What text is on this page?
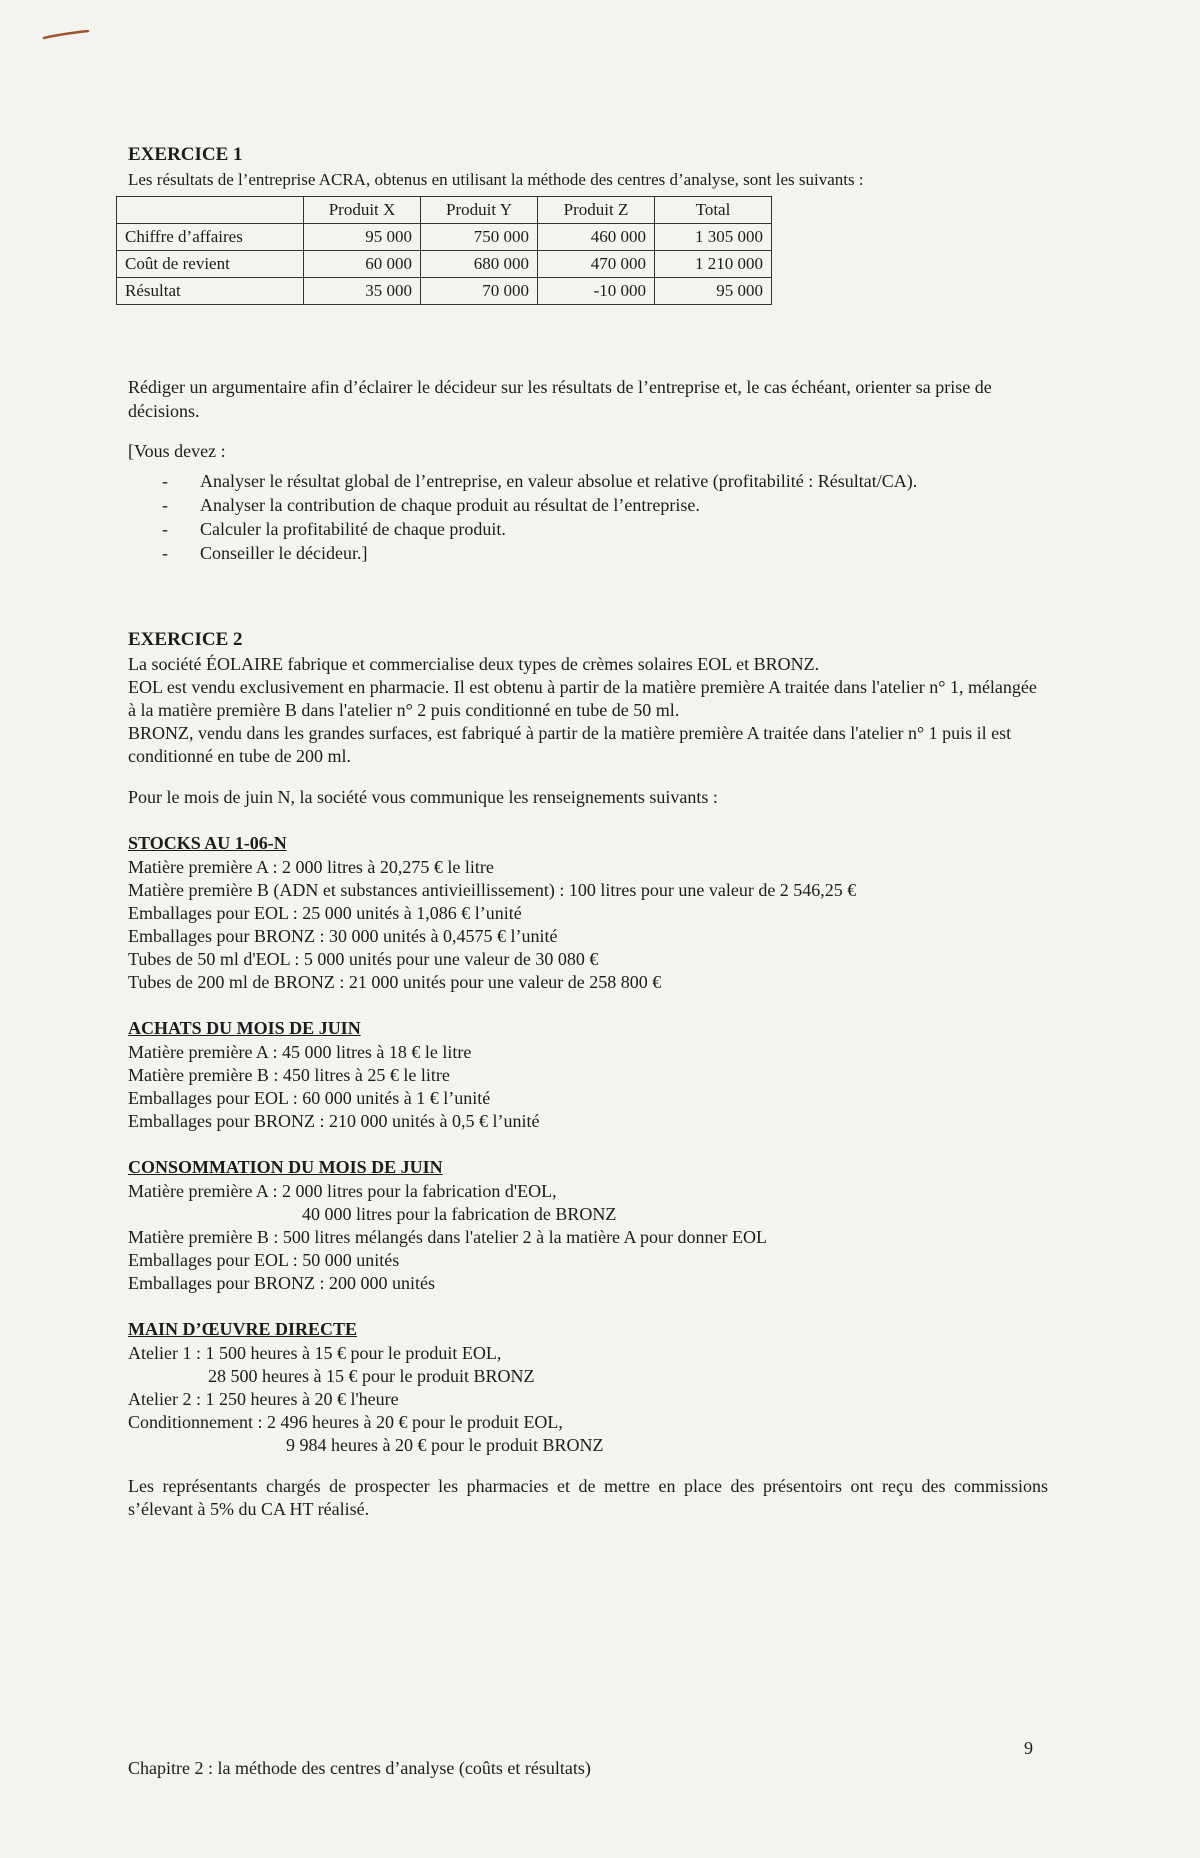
EXERCICE 1

Les résultats de l’entreprise ACRA, obtenus en utilisant la méthode des centres d’analyse, sont les suivants :

	Produit X	Produit Y	Produit Z	Total
Chiffre d’affaires	95 000	750 000	460 000	1 305 000
Coût de revient	60 000	680 000	470 000	1 210 000
Résultat	35 000	70 000	-10 000	95 000

Rédiger un argumentaire afin d’éclairer le décideur sur les résultats de l’entreprise et, le cas échéant, orienter sa prise de décisions.

[Vous devez :

- Analyser le résultat global de l’entreprise, en valeur absolue et relative (profitabilité : Résultat/CA).
- Analyser la contribution de chaque produit au résultat de l’entreprise.
- Calculer la profitabilité de chaque produit.
- Conseiller le décideur.]
EXERCICE 2

La société ÉOLAIRE fabrique et commercialise deux types de crèmes solaires EOL et BRONZ.

EOL est vendu exclusivement en pharmacie. Il est obtenu à partir de la matière première A traitée dans l'atelier n° 1, mélangée à la matière première B dans l'atelier n° 2 puis conditionné en tube de 50 ml.

BRONZ, vendu dans les grandes surfaces, est fabriqué à partir de la matière première A traitée dans l'atelier n° 1 puis il est conditionné en tube de 200 ml.

Pour le mois de juin N, la société vous communique les renseignements suivants :

STOCKS AU 1-06-N
Matière première A : 2 000 litres à 20,275 € le litre
Matière première B (ADN et substances antivieillissement) : 100 litres pour une valeur de 2 546,25 €
Emballages pour EOL : 25 000 unités à 1,086 € l’unité
Emballages pour BRONZ : 30 000 unités à 0,4575 € l’unité
Tubes de 50 ml d'EOL : 5 000 unités pour une valeur de 30 080 €
Tubes de 200 ml de BRONZ : 21 000 unités pour une valeur de 258 800 €
ACHATS DU MOIS DE JUIN
Matière première A : 45 000 litres à 18 € le litre
Matière première B : 450 litres à 25 € le litre
Emballages pour EOL : 60 000 unités à 1 € l’unité
Emballages pour BRONZ : 210 000 unités à 0,5 € l’unité
CONSOMMATION DU MOIS DE JUIN
Matière première A : 2 000 litres pour la fabrication d'EOL,
40 000 litres pour la fabrication de BRONZ
Matière première B : 500 litres mélangés dans l'atelier 2 à la matière A pour donner EOL
Emballages pour EOL : 50 000 unités
Emballages pour BRONZ : 200 000 unités
MAIN D’ŒUVRE DIRECTE
Atelier 1 : 1 500 heures à 15 € pour le produit EOL,
28 500 heures à 15 € pour le produit BRONZ
Atelier 2 : 1 250 heures à 20 € l'heure
Conditionnement : 2 496 heures à 20 € pour le produit EOL,
9 984 heures à 20 € pour le produit BRONZ

Les représentants chargés de prospecter les pharmacies et de mettre en place des présentoirs ont reçu des commissions s’élevant à 5% du CA HT réalisé.

9
Chapitre 2 : la méthode des centres d’analyse (coûts et résultats)
